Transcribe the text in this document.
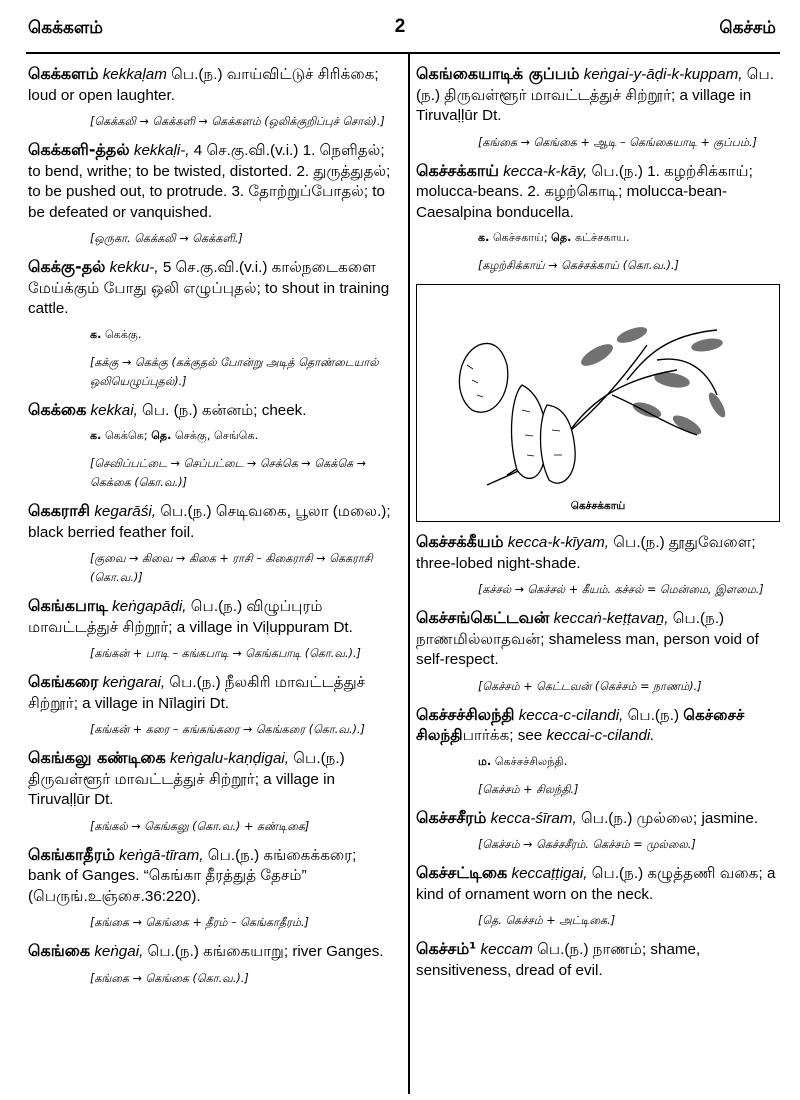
கெக்களம்	2	கெச்சம்
கெக்களம் kekkaḷam பெ.(ந.) வாய்விட்டுச் சிரிக்கை; loud or open laughter.
[கெக்கலி → கெக்களி → கெக்களம் (ஒலிக்குறிப்புச் சொல்).]
கெக்களி-த்தல் kekkaḷi-, 4 செ.கு.வி.(v.i.) 1. நெளிதல்; to bend, writhe; to be twisted, distorted. 2. துருத்துதல்; to be pushed out, to protrude. 3. தோற்றுப்போதல்; to be defeated or vanquished.
[ஒருகா. கெக்கலி → கெக்களி.]
கெக்கு-தல் kekku-, 5 செ.கு.வி.(v.i.) கால்நடைகளை மேய்க்கும் போது ஒலி எழுப்புதல்; to shout in training cattle.
க. கெக்கு.
[கக்கு → கெக்கு (கக்குதல் போன்று அடித் தொண்டையால் ஒலியெழுப்புதல்).]
கெக்கை kekkai, பெ. (ந.) கன்னம்; cheek.
க. கெக்கெ; தெ. செக்கு, செங்கெ.
[செவிப்பட்டை → செப்பட்டை → செக்கெ → கெக்கெ → கெக்கை (கொ.வ.)]
கெகராசி kegarāśi, பெ.(ந.) செடிவகை, பூலா (மலை.); black berried feather foil.
[குவை → கிவை → கிகை + ராசி – கிகைராசி → கெகராசி (கொ.வ.)]
கெங்கபாடி keṅgapāḍi, பெ.(ந.) விழுப்புரம் மாவட்டத்துச் சிற்றூர்; a village in Viḷuppuram Dt.
[கங்கன் + பாடி – கங்கபாடி → கெங்கபாடி (கொ.வ.).]
கெங்கரை keṅgarai, பெ.(ந.) நீலகிரி மாவட்டத்துச் சிற்றூர்; a village in Nīlagiri Dt.
[கங்கன் + கரை – கங்கங்கரை → கெங்கரை (கொ.வ.).]
கெங்கலு கண்டிகை keṅgalu-kaṇḍigai, பெ.(ந.) திருவள்ளூர் மாவட்டத்துச் சிற்றூர்; a village in Tiruvaḷḷūr Dt.
[கங்கல் → கெங்கலு (கொ.வ.) + கண்டிகை]
கெங்காதீரம் keṅgā-tīram, பெ.(ந.) கங்கைக்கரை; bank of Ganges. “கெங்கா தீரத்துத் தேசம்” (பெருங்.உஞ்சை.36:220).
[கங்கை → கெங்கை + தீரம் – கெங்காதீரம்.]
கெங்கை keṅgai, பெ.(ந.) கங்கையாறு; river Ganges.
[கங்கை → கெங்கை (கொ.வ.).]
கெங்கையாடிக் குப்பம் keṅgai-y-āḍi-k-kuppam, பெ.(ந.) திருவள்ளூர் மாவட்டத்துச் சிற்றூர்; a village in Tiruvaḷḷūr Dt.
[கங்கை → கெங்கை + ஆடி – கெங்கையாடி + குப்பம்.]
கெச்சக்காய் kecca-k-kāy, பெ.(ந.) 1. கழற்சிக்காய்; molucca-beans. 2. கழற்கொடி; molucca-bean- Caesalpina bonducella.
க. கெச்சகாய்; தெ. கட்ச்சகாய.
[கழற்சிக்காய் → கெச்சக்காய் (கொ.வ.).]
கெச்சக்காய்
கெச்சக்கீயம் kecca-k-kīyam, பெ.(ந.) தூதுவேளை; three-lobed night-shade.
[கச்சல் → கெச்சல் + கீயம். கச்சல் = மென்மை, இளமை.]
கெச்சங்கெட்டவன் keccaṅ-keṭṭavaṉ, பெ.(ந.) நாணமில்லாதவன்; shameless man, person void of self-respect.
[கெச்சம் + கெட்டவன் (கெச்சம் = நாணம்).]
கெச்சச்சிலந்தி kecca-c-cilandi, பெ.(ந.) கெச்சைச் சிலந்திபார்க்க; see keccai-c-cilandi.
ம. கெச்சச்சிலந்தி.
[கெச்சம் + சிலந்தி.]
கெச்சசீரம் kecca-śīram, பெ.(ந.) முல்லை; jasmine.
[கெச்சம் → கெச்சசீரம். கெச்சம் = முல்லை.]
கெச்சட்டிகை keccaṭṭigai, பெ.(ந.) கழுத்தணி வகை; a kind of ornament worn on the neck.
[தெ. கெச்சம் + அட்டிகை.]
கெச்சம்¹ keccam பெ.(ந.) நாணம்; shame, sensitiveness, dread of evil.
